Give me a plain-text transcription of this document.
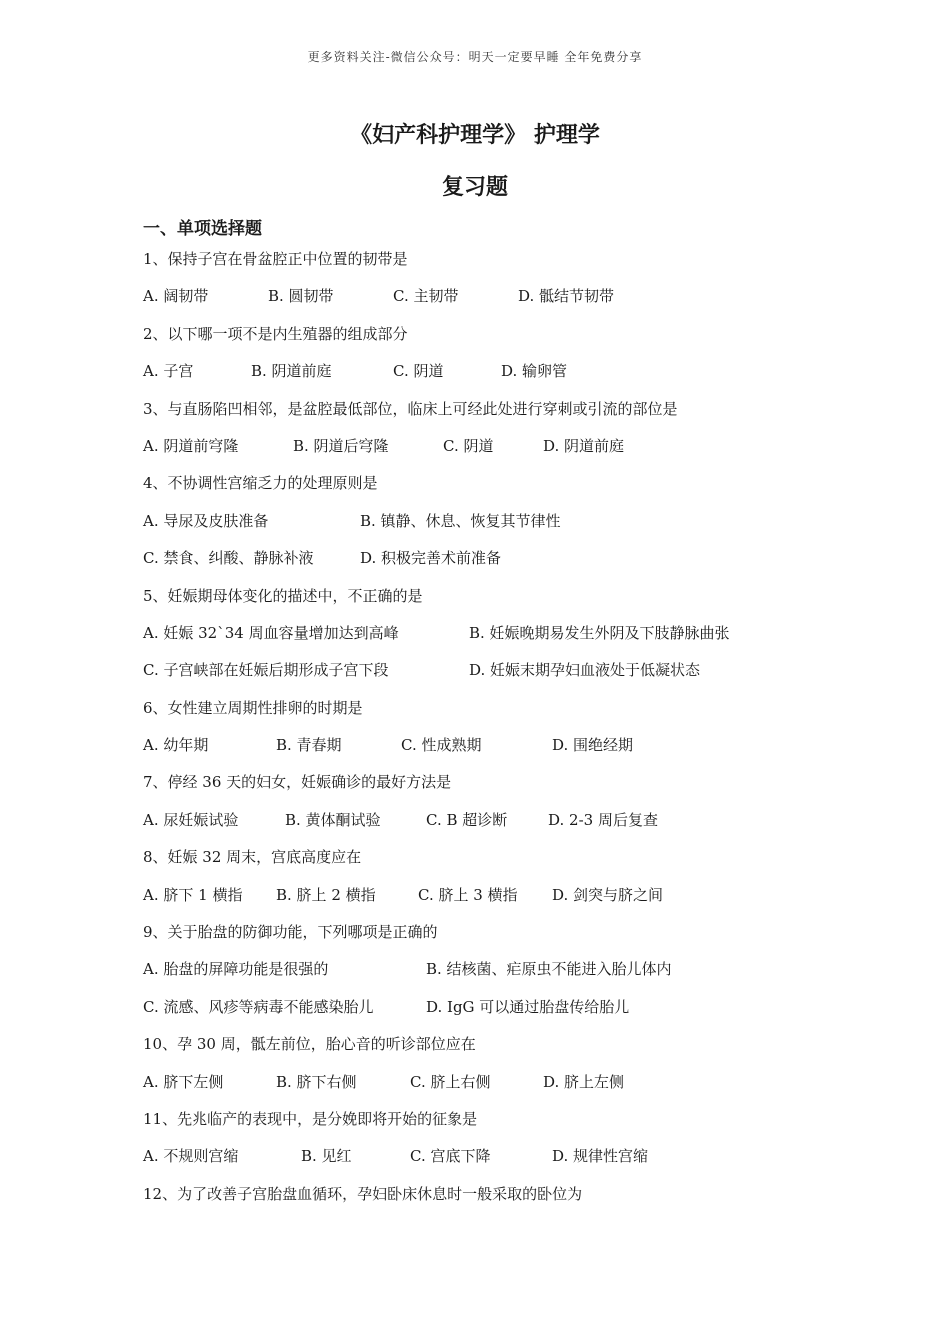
更多资料关注-微信公众号：明天一定要早睡 全年免费分享
《妇产科护理学》 护理学
复习题
一、单项选择题
1、保持子宫在骨盆腔正中位置的韧带是
A. 阔韧带	B. 圆韧带	C. 主韧带	D. 骶结节韧带
2、以下哪一项不是内生殖器的组成部分
A. 子宫	B. 阴道前庭	C. 阴道	D. 输卵管
3、与直肠陷凹相邻，是盆腔最低部位，临床上可经此处进行穿刺或引流的部位是
A. 阴道前穹隆	B. 阴道后穹隆	C. 阴道	D. 阴道前庭
4、不协调性宫缩乏力的处理原则是
A. 导尿及皮肤准备	B. 镇静、休息、恢复其节律性
C. 禁食、纠酸、静脉补液	D. 积极完善术前准备
5、妊娠期母体变化的描述中，不正确的是
A. 妊娠 32`34 周血容量增加达到高峰	B. 妊娠晚期易发生外阴及下肢静脉曲张
C. 子宫峡部在妊娠后期形成子宫下段	D. 妊娠末期孕妇血液处于低凝状态
6、女性建立周期性排卵的时期是
A. 幼年期	B. 青春期	C. 性成熟期	D. 围绝经期
7、停经 36 天的妇女，妊娠确诊的最好方法是
A. 尿妊娠试验	B. 黄体酮试验	C. B 超诊断	D. 2-3 周后复查
8、妊娠 32 周末，宫底高度应在
A. 脐下 1 横指 B. 脐上 2 横指	C. 脐上 3 横指 D. 剑突与脐之间
9、关于胎盘的防御功能，下列哪项是正确的
A. 胎盘的屏障功能是很强的	B. 结核菌、疟原虫不能进入胎儿体内
C. 流感、风疹等病毒不能感染胎儿	D. IgG 可以通过胎盘传给胎儿
10、孕 30 周，骶左前位，胎心音的听诊部位应在
A. 脐下左侧	B. 脐下右侧	C. 脐上右侧	D. 脐上左侧
11、先兆临产的表现中，是分娩即将开始的征象是
A. 不规则宫缩	B. 见红	C. 宫底下降	D. 规律性宫缩
12、为了改善子宫胎盘血循环，孕妇卧床休息时一般采取的卧位为
